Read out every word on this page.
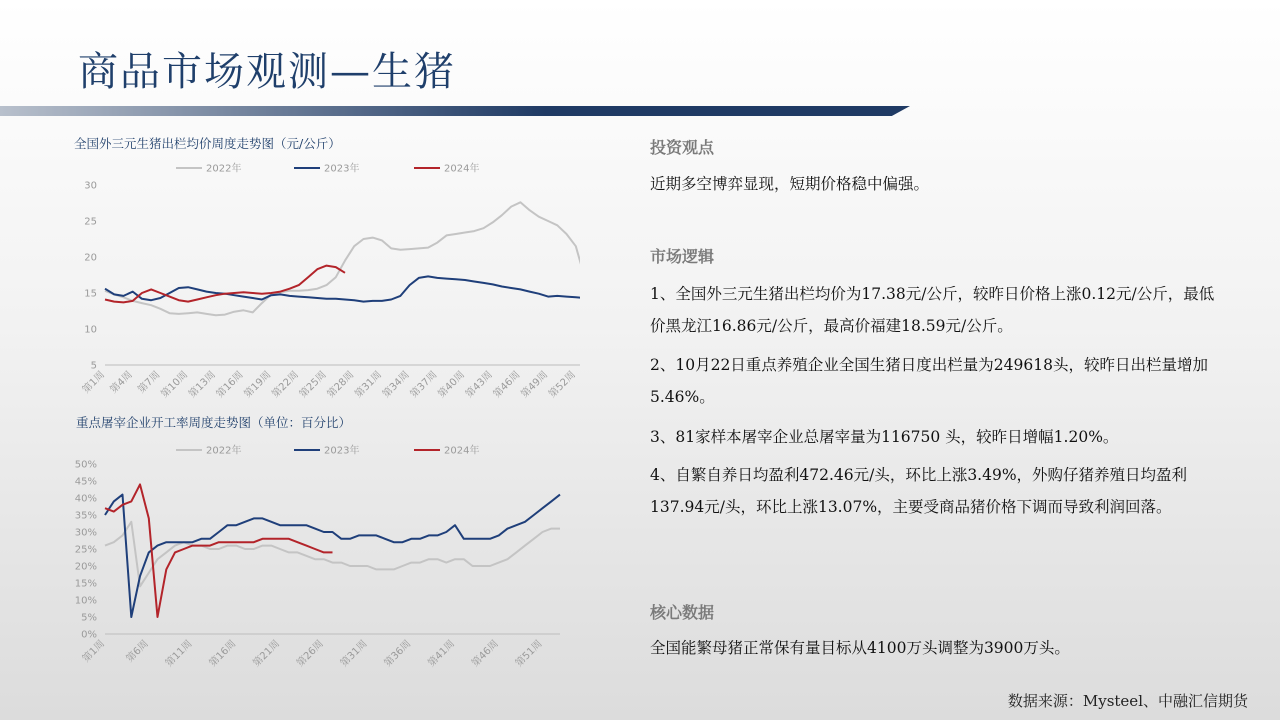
商品市场观测—生猪
全国外三元生猪出栏均价周度走势图（元/公斤）
5
10
15
20
25
30
第1周 第4周 第7周
第10周
第13周
第16周
第19周
第22周
第25周
第28周
第31周
第34周
第37周
第40周
第43周
第46周
第49周
第52周
2022年	2023年	2024年
重点屠宰企业开工率周度走势图（单位：百分比）
0%
5%
10%
15%
20%
25%
30%
35%
40%
45%
50%
第1周 第6周 第11周 第16周 第21周 第26周 第31周 第36周 第41周 第46周 第51周
2022年	2023年	2024年
投资观点
近期多空博弈显现，短期价格稳中偏强。
市场逻辑
1、全国外三元生猪出栏均价为17.38元/公斤，较昨日价格上涨0.12元/公斤，最低价黑龙江16.86元/公斤，最高价福建18.59元/公斤。
2、10月22日重点养殖企业全国生猪日度出栏量为249618头，较昨日出栏量增加5.46%。
3、81家样本屠宰企业总屠宰量为116750 头，较昨日增幅1.20%。
4、自繁自养日均盈利472.46元/头，环比上涨3.49%，外购仔猪养殖日均盈利137.94元/头，环比上涨13.07%，主要受商品猪价格下调而导致利润回落。
核心数据
全国能繁母猪正常保有量目标从4100万头调整为3900万头。
数据来源：Mysteel、中融汇信期货
